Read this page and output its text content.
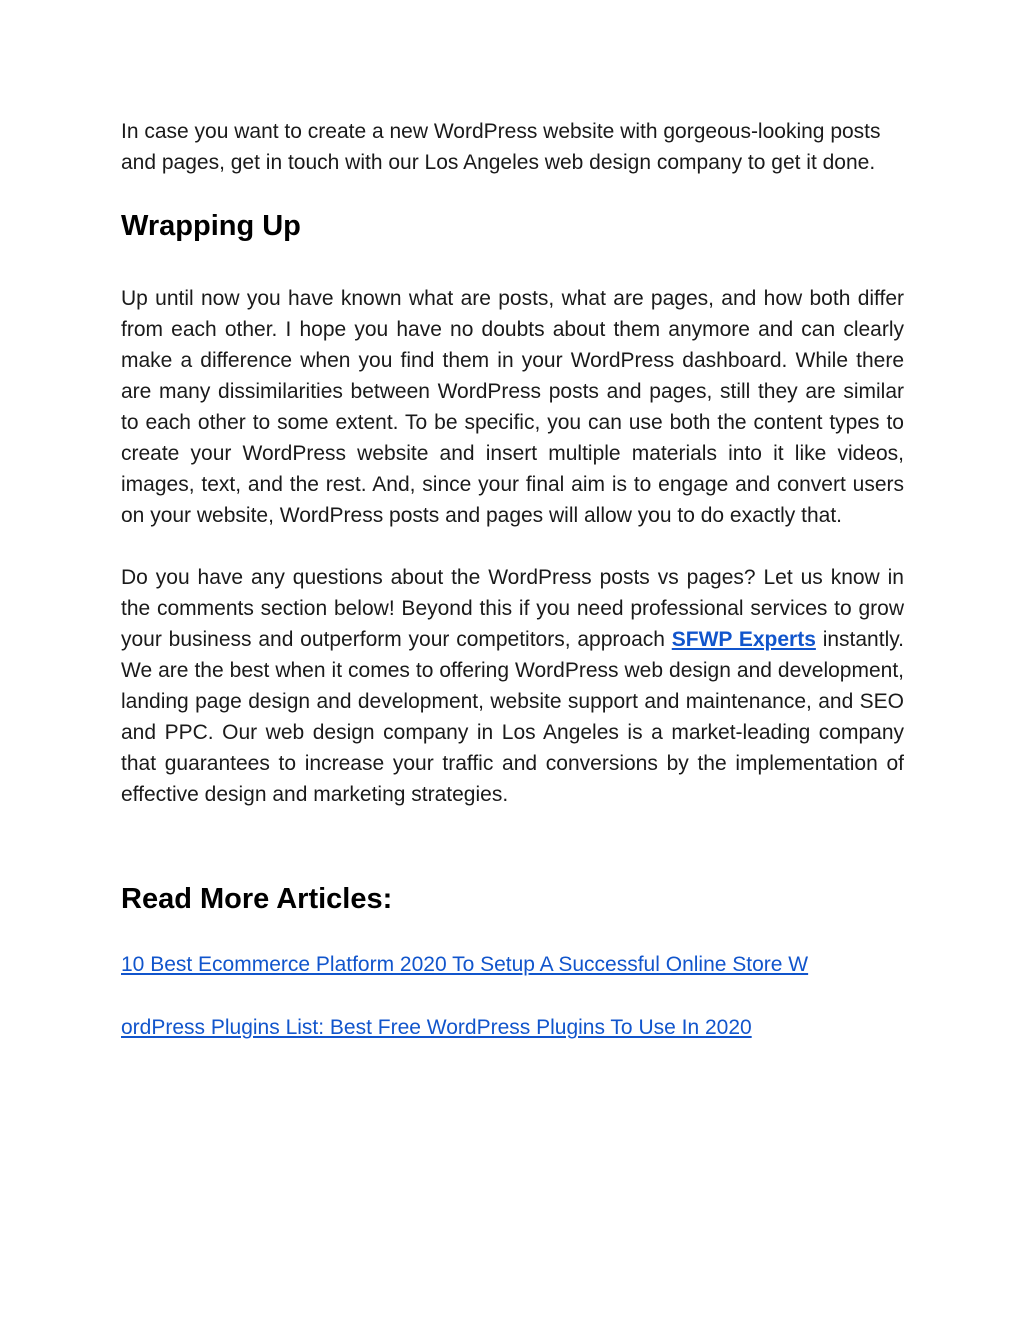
In case you want to create a new WordPress website with gorgeous-looking posts and pages, get in touch with our Los Angeles web design company to get it done.

Wrapping Up

Up until now you have known what are posts, what are pages, and how both differ from each other. I hope you have no doubts about them anymore and can clearly make a difference when you find them in your WordPress dashboard. While there are many dissimilarities between WordPress posts and pages, still they are similar to each other to some extent. To be specific, you can use both the content types to create your WordPress website and insert multiple materials into it like videos, images, text, and the rest. And, since your final aim is to engage and convert users on your website, WordPress posts and pages will allow you to do exactly that.

Do you have any questions about the WordPress posts vs pages? Let us know in the comments section below! Beyond this if you need professional services to grow your business and outperform your competitors, approach SFWP Experts instantly. We are the best when it comes to offering WordPress web design and development, landing page design and development, website support and maintenance, and SEO and PPC. Our web design company in Los Angeles is a market-leading company that guarantees to increase your traffic and conversions by the implementation of effective design and marketing strategies.

Read More Articles:
10 Best Ecommerce Platform 2020 To Setup A Successful Online Store W
ordPress Plugins List: Best Free WordPress Plugins To Use In 2020
